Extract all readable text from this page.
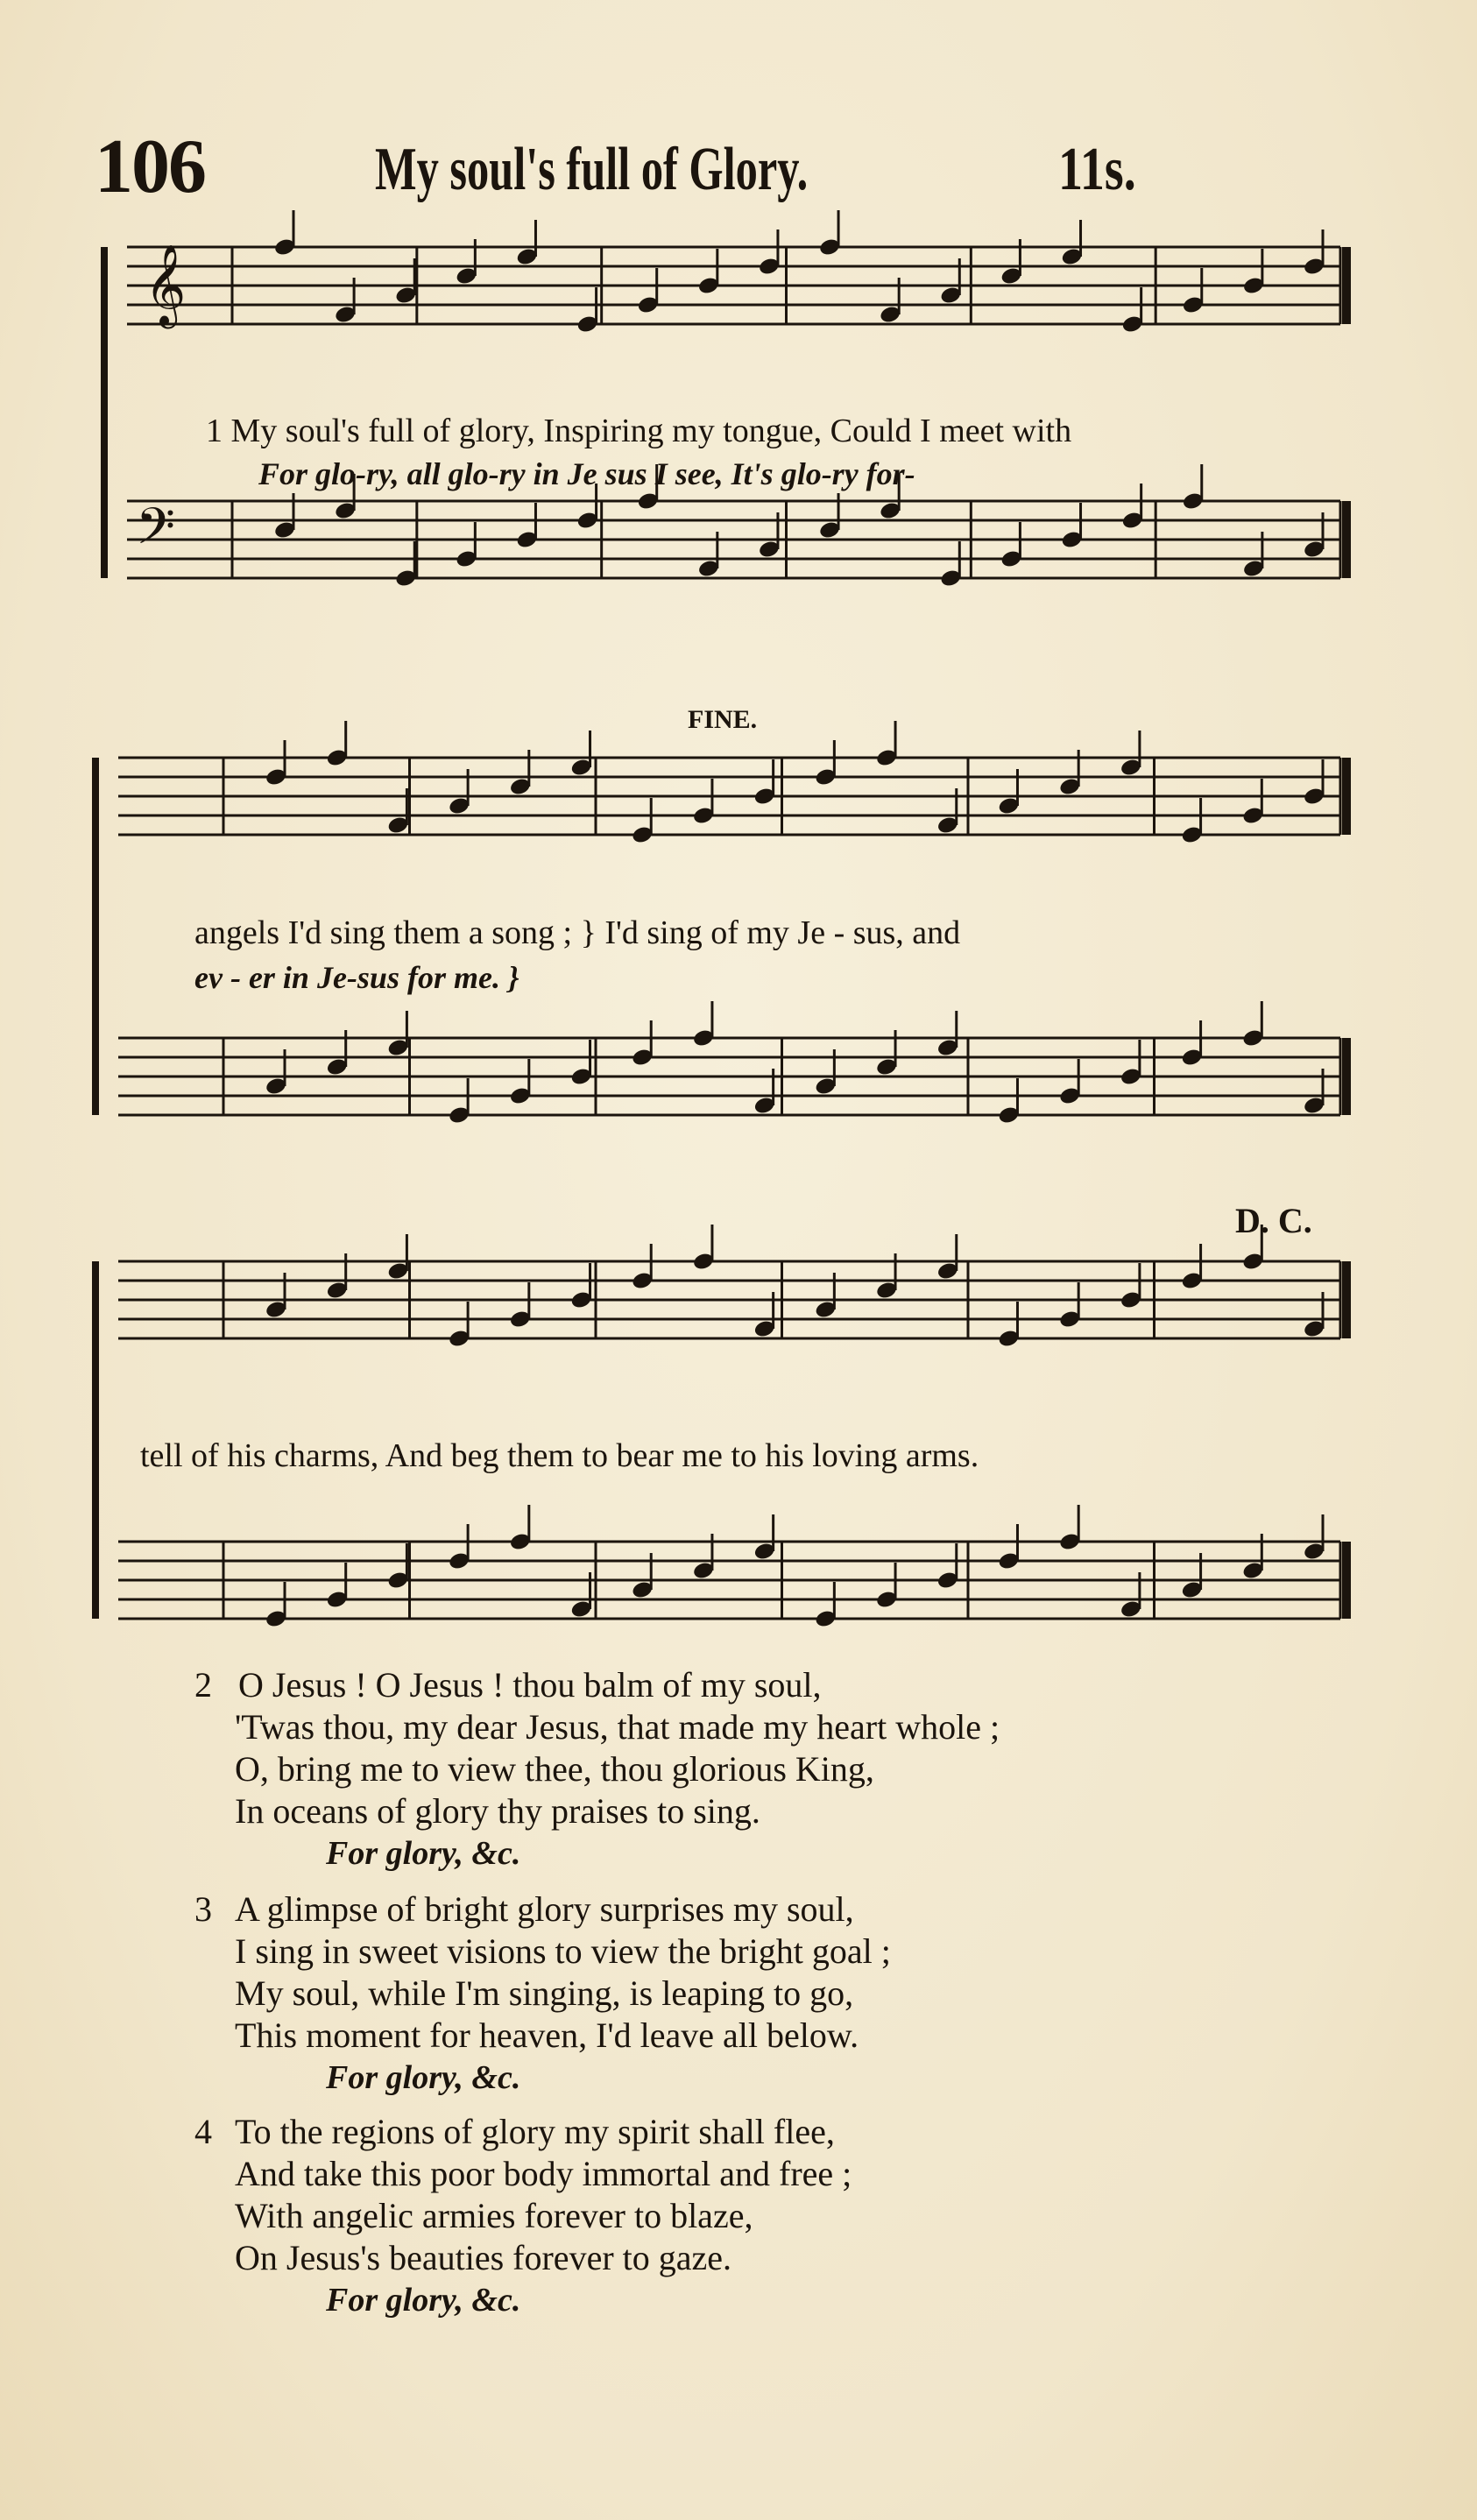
106	My soul's full of Glory.	11s.
𝄞
𝄢
1 My soul's full of glory, Inspiring my tongue, Could I meet with
For glo-ry, all glo-ry in Je sus I see, It's glo-ry for-
FINE.
angels I'd sing them a song ; } I'd sing of my Je - sus, and
ev - er in Je-sus for me. }
D. C.
tell of his charms, And beg them to bear me to his loving arms.
2 O Jesus ! O Jesus ! thou balm of my soul,
'Twas thou, my dear Jesus, that made my heart whole ;
O, bring me to view thee, thou glorious King,
In oceans of glory thy praises to sing.
For glory, &c.
3 A glimpse of bright glory surprises my soul,
I sing in sweet visions to view the bright goal ;
My soul, while I'm singing, is leaping to go,
This moment for heaven, I'd leave all below.
For glory, &c.
4 To the regions of glory my spirit shall flee,
And take this poor body immortal and free ;
With angelic armies forever to blaze,
On Jesus's beauties forever to gaze.
For glory, &c.
